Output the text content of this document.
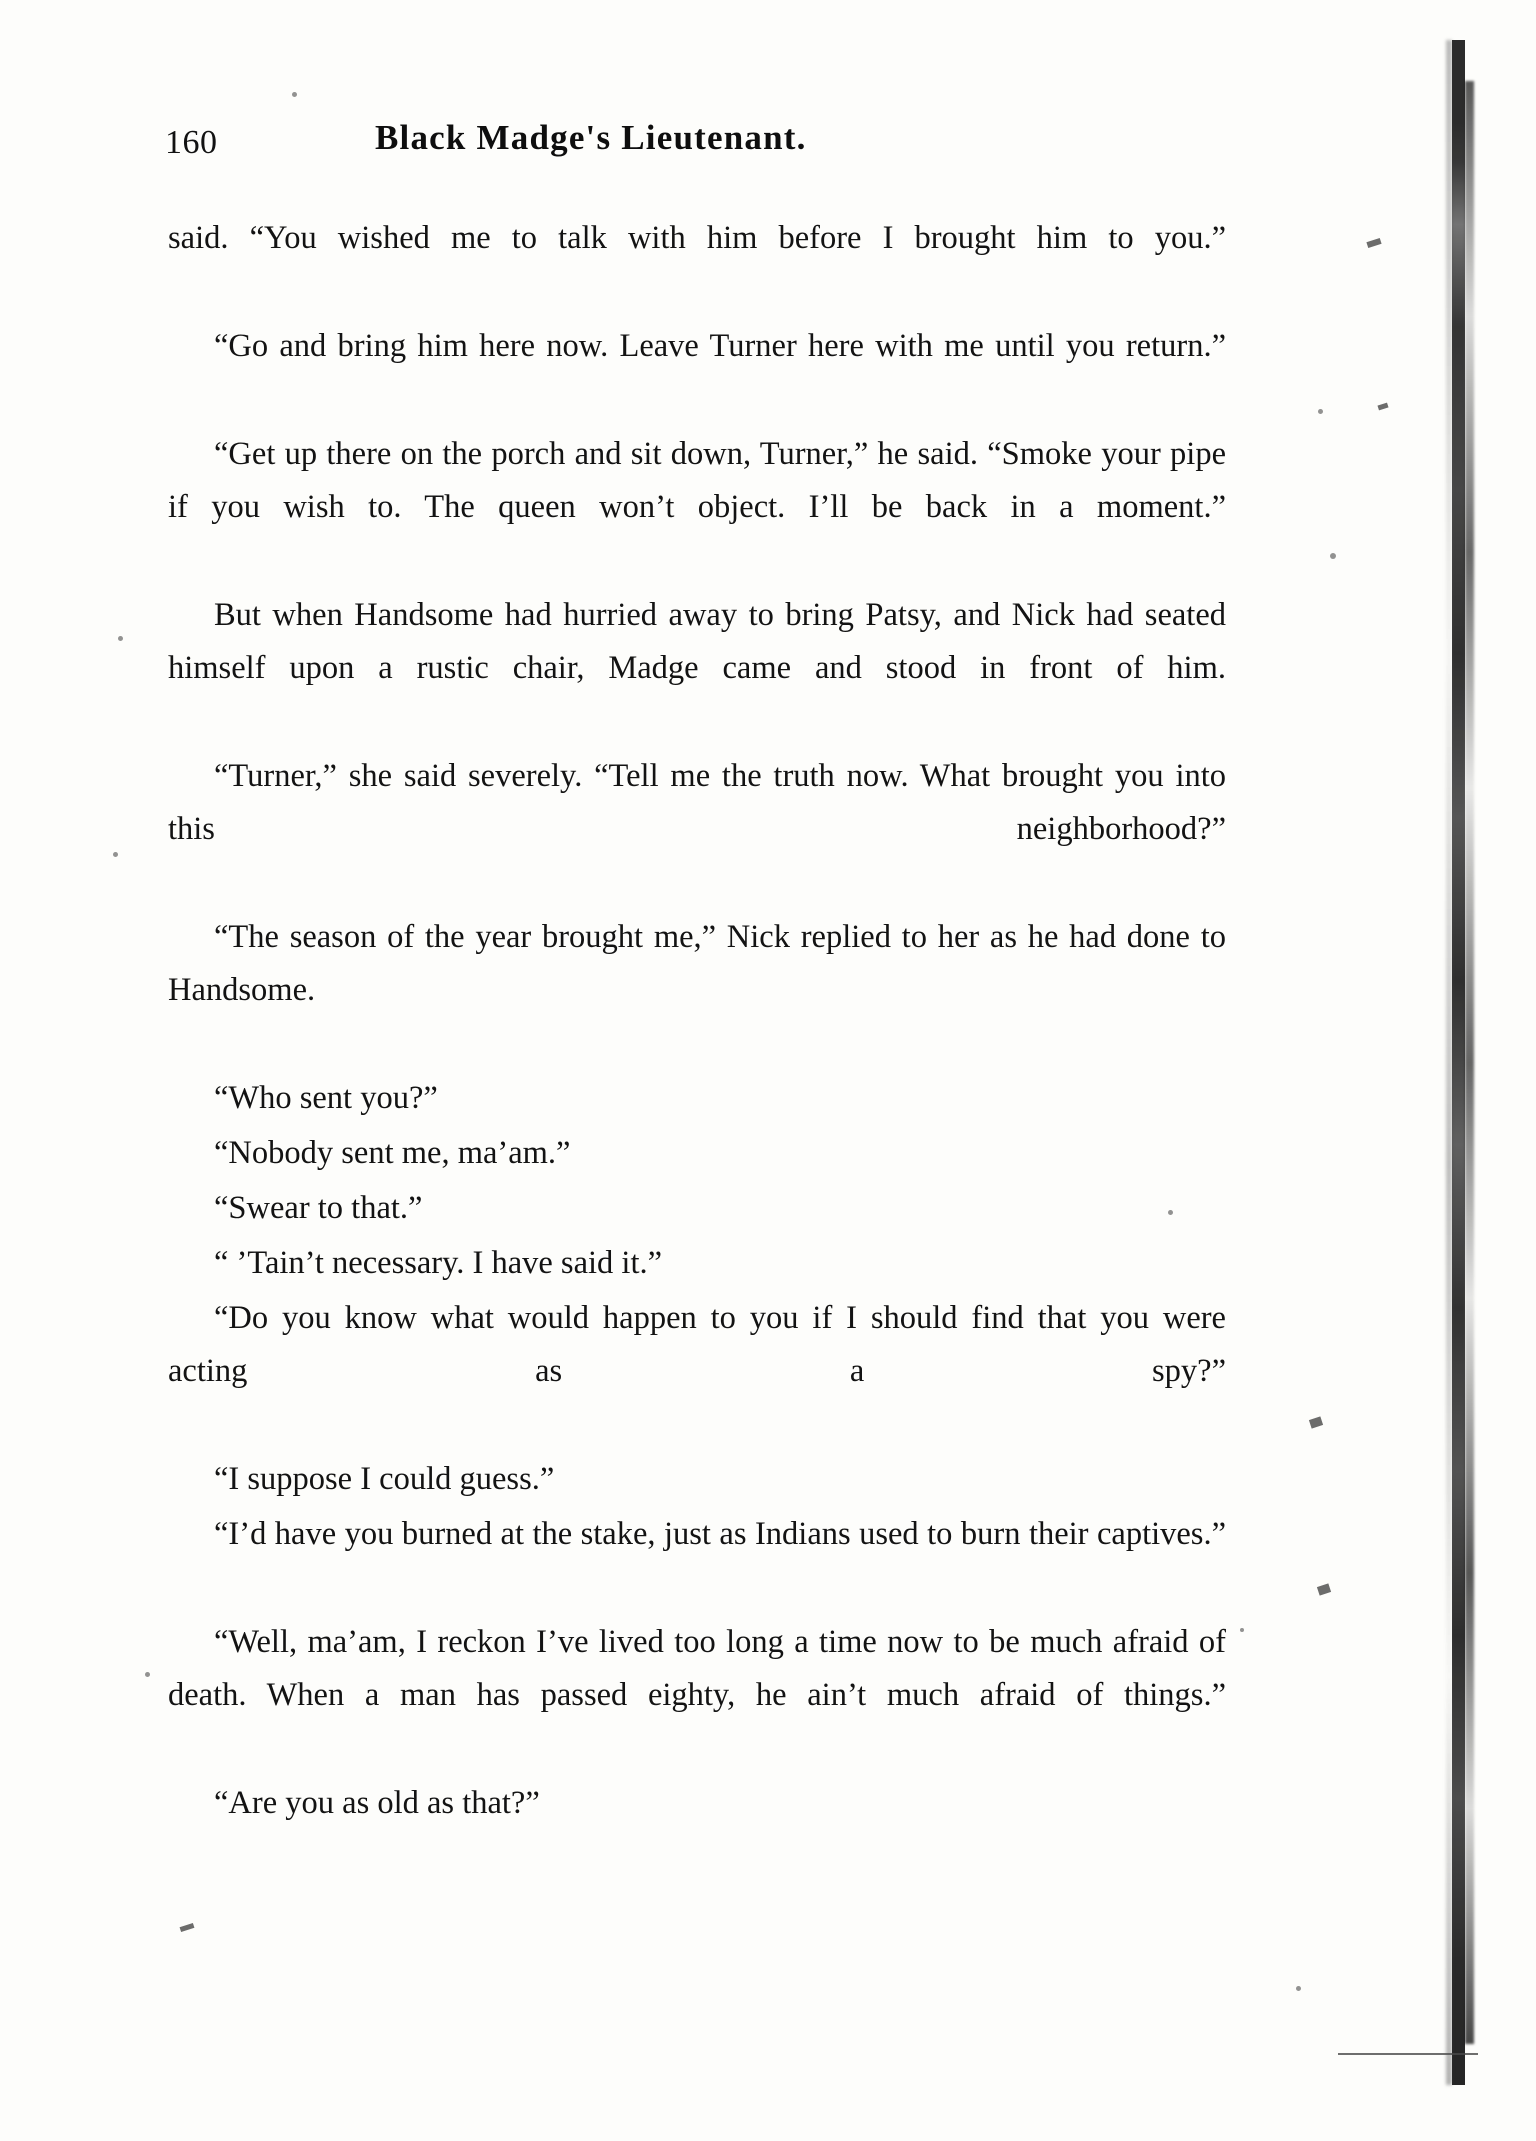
160	Black Madge's Lieutenant.

said. “You wished me to talk with him before I brought him to you.”

“Go and bring him here now. Leave Turner here with me until you return.”

“Get up there on the porch and sit down, Turner,” he said. “Smoke your pipe if you wish to. The queen won’t object. I’ll be back in a moment.”

But when Handsome had hurried away to bring Patsy, and Nick had seated himself upon a rustic chair, Madge came and stood in front of him.

“Turner,” she said severely. “Tell me the truth now. What brought you into this neighborhood?”

“The season of the year brought me,” Nick replied to her as he had done to Handsome.

“Who sent you?”

“Nobody sent me, ma’am.”

“Swear to that.”

“ ’Tain’t necessary. I have said it.”

“Do you know what would happen to you if I should find that you were acting as a spy?”

“I suppose I could guess.”

“I’d have you burned at the stake, just as Indians used to burn their captives.”

“Well, ma’am, I reckon I’ve lived too long a time now to be much afraid of death. When a man has passed eighty, he ain’t much afraid of things.”

“Are you as old as that?”
